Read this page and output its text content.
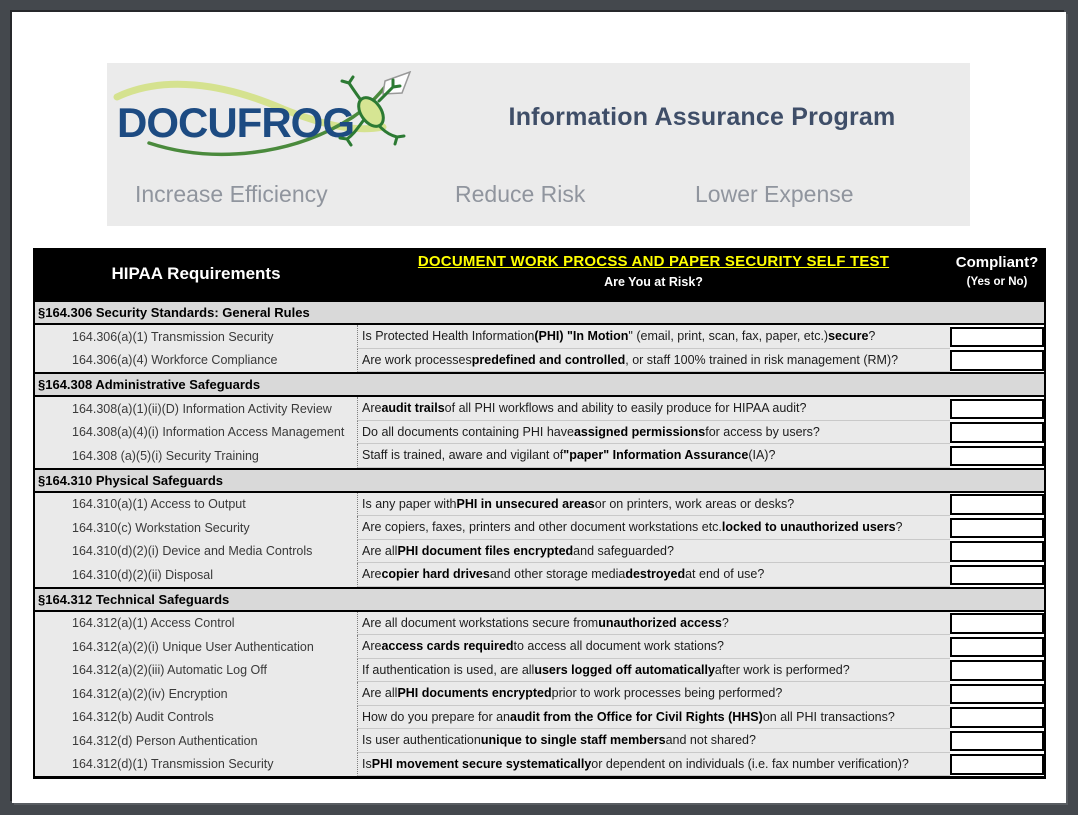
DOCUFROG	Information Assurance Program
Increase Efficiency	Reduce Risk	Lower Expense
HIPAA Requirements
DOCUMENT WORK PROCSS AND PAPER SECURITY SELF TEST
Are You at Risk?
Compliant?
(Yes or No)
§164.306 Security Standards: General Rules
164.306(a)(1) Transmission Security	Is Protected Health Information (PHI) "In Motion " (email, print, scan, fax, paper, etc.) secure ?
164.306(a)(4) Workforce Compliance	Are work processes predefined and controlled , or staff 100% trained in risk management (RM)?
§164.308 Administrative Safeguards
164.308(a)(1)(ii)(D) Information Activity Review	Are audit trails of all PHI workflows and ability to easily produce for HIPAA audit?
164.308(a)(4)(i) Information Access Management	Do all documents containing PHI have assigned permissions for access by users?
164.308 (a)(5)(i) Security Training	Staff is trained, aware and vigilant of "paper" Information Assurance (IA)?
§164.310 Physical Safeguards
164.310(a)(1) Access to Output	Is any paper with PHI in unsecured areas or on printers, work areas or desks?
164.310(c) Workstation Security	Are copiers, faxes, printers and other document workstations etc. locked to unauthorized users ?
164.310(d)(2)(i) Device and Media Controls	Are all PHI document files encrypted and safeguarded?
164.310(d)(2)(ii) Disposal	Are copier hard drives and other storage media destroyed at end of use?
§164.312 Technical Safeguards
164.312(a)(1) Access Control	Are all document workstations secure from unauthorized access ?
164.312(a)(2)(i) Unique User Authentication	Are access cards required to access all document work stations?
164.312(a)(2)(iii) Automatic Log Off	If authentication is used, are all users logged off automatically after work is performed?
164.312(a)(2)(iv) Encryption	Are all PHI documents encrypted prior to work processes being performed?
164.312(b) Audit Controls	How do you prepare for an audit from the Office for Civil Rights (HHS) on all PHI transactions?
164.312(d) Person Authentication	Is user authentication unique to single staff members and not shared?
164.312(d)(1) Transmission Security	Is PHI movement secure systematically or dependent on individuals (i.e. fax number verification)?
